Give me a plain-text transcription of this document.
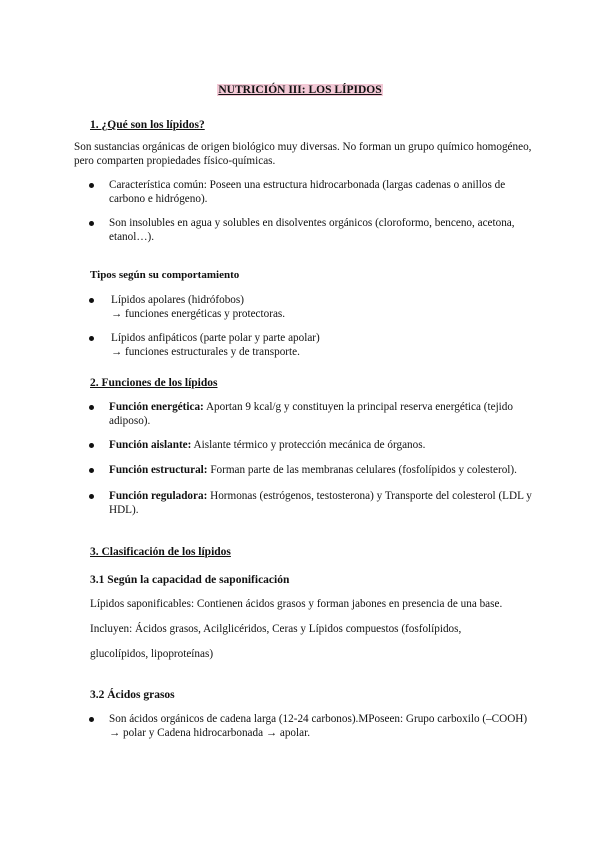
NUTRICIÓN III: LOS LÍPIDOS
1. ¿Qué son los lípidos?
Son sustancias orgánicas de origen biológico muy diversas. No forman un grupo químico homogéneo, pero comparten propiedades físico-químicas.
Característica común: Poseen una estructura hidrocarbonada (largas cadenas o anillos de carbono e hidrógeno).
Son insolubles en agua y solubles en disolventes orgánicos (cloroformo, benceno, acetona, etanol…).
Tipos según su comportamiento
Lípidos apolares (hidrófobos)
→ funciones energéticas y protectoras.
Lípidos anfipáticos (parte polar y parte apolar)
→ funciones estructurales y de transporte.
2. Funciones de los lípidos
Función energética: Aportan 9 kcal/g y constituyen la principal reserva energética (tejido adiposo).
Función aislante: Aislante térmico y protección mecánica de órganos.
Función estructural: Forman parte de las membranas celulares (fosfolípidos y colesterol).
Función reguladora: Hormonas (estrógenos, testosterona) y Transporte del colesterol (LDL y HDL).
3. Clasificación de los lípidos
3.1 Según la capacidad de saponificación
Lípidos saponificables: Contienen ácidos grasos y forman jabones en presencia de una base.
Incluyen: Ácidos grasos, Acilglicéridos, Ceras y Lípidos compuestos (fosfolípidos,
glucolípidos, lipoproteínas)
3.2 Ácidos grasos
Son ácidos orgánicos de cadena larga (12-24 carbonos).MPoseen: Grupo carboxilo (–COOH) → polar y Cadena hidrocarbonada → apolar.
